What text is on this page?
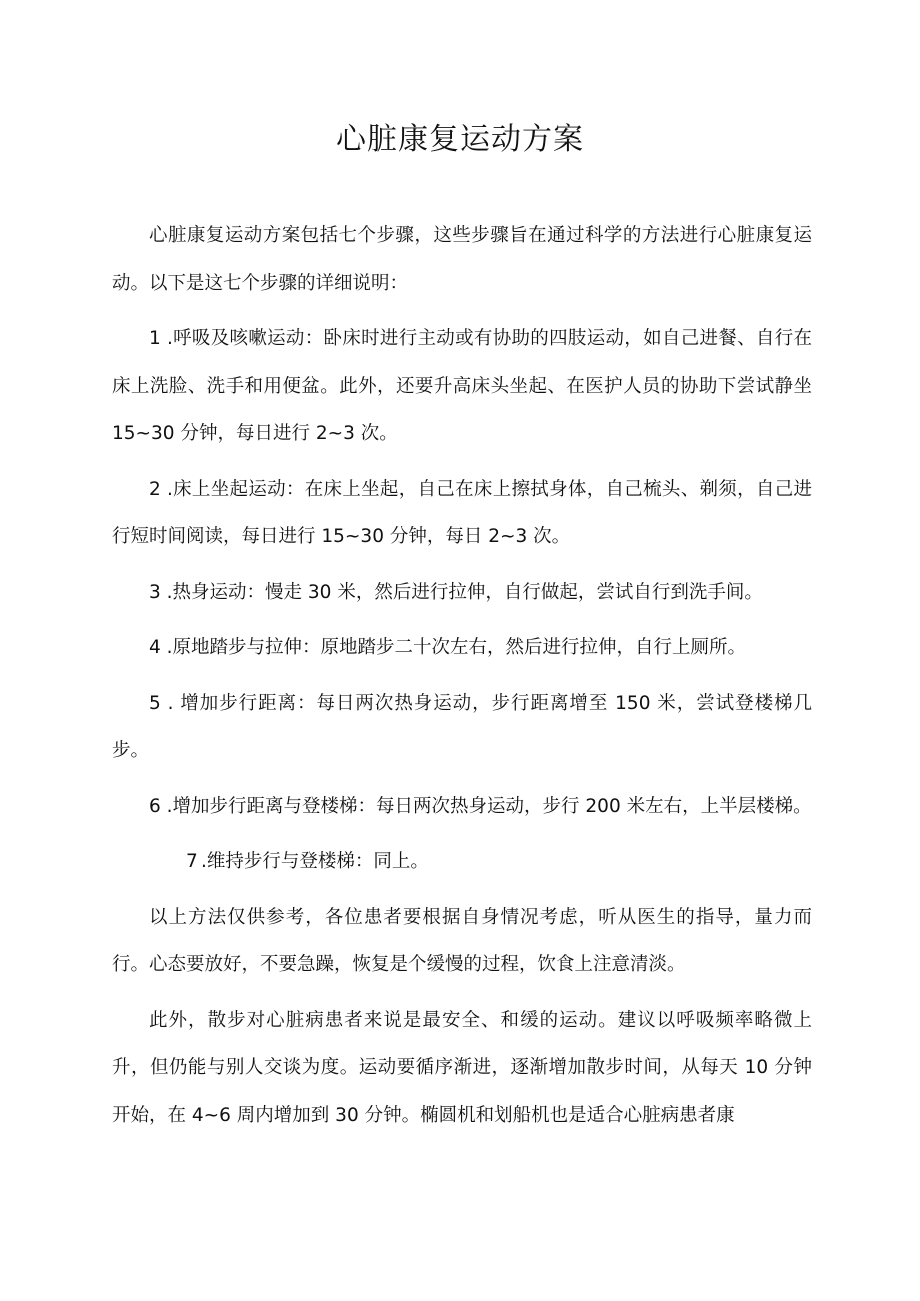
心脏康复运动方案

心脏康复运动方案包括七个步骤，这些步骤旨在通过科学的方法进行心脏康复运动。以下是这七个步骤的详细说明：

1 .呼吸及咳嗽运动：卧床时进行主动或有协助的四肢运动，如自己进餐、自行在床上洗脸、洗手和用便盆。此外，还要升高床头坐起、在医护人员的协助下尝试静坐 15~30 分钟，每日进行 2~3 次。

2 .床上坐起运动：在床上坐起，自己在床上擦拭身体，自己梳头、剃须，自己进行短时间阅读，每日进行 15~30 分钟，每日 2~3 次。

3 .热身运动：慢走 30 米，然后进行拉伸，自行做起，尝试自行到洗手间。

4 .原地踏步与拉伸：原地踏步二十次左右，然后进行拉伸，自行上厕所。

5 . 增加步行距离：每日两次热身运动，步行距离增至 150 米，尝试登楼梯几步。

6 .增加步行距离与登楼梯：每日两次热身运动，步行 200 米左右，上半层楼梯。

7 .维持步行与登楼梯：同上。

以上方法仅供参考，各位患者要根据自身情况考虑，听从医生的指导，量力而行。心态要放好，不要急躁，恢复是个缓慢的过程，饮食上注意清淡。

此外，散步对心脏病患者来说是最安全、和缓的运动。建议以呼吸频率略微上升，但仍能与别人交谈为度。运动要循序渐进，逐渐增加散步时间，从每天 10 分钟开始，在 4~6 周内增加到 30 分钟。椭圆机和划船机也是适合心脏病患者康
